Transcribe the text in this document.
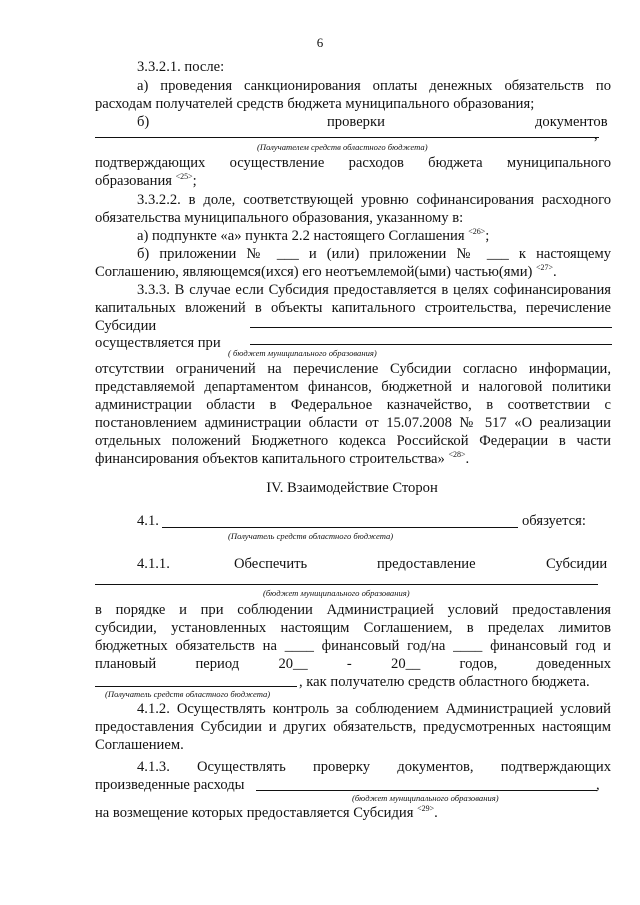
6
3.3.2.1. после:
а) проведения санкционирования оплаты денежных обязательств по
расходам получателей средств бюджета муниципального образования;
б)	проверки	документов
,
(Получателем средств областного бюджета)
подтверждающих осуществление расходов бюджета муниципального
образования $^{<25>}$;
3.3.2.2. в доле, соответствующей уровню софинансирования расходного
обязательства муниципального образования, указанному в:
а) подпункте «а» пункта 2.2 настоящего Соглашения $^{<26>}$;
б) приложении № ___ и (или) приложении № ___ к настоящему
Соглашению, являющемся(ихся) его неотъемлемой(ыми) частью(ями) $^{<27>}$.
3.3.3. В случае если Субсидия предоставляется в целях софинансирования
капитальных вложений в объекты капитального строительства, перечисление
Субсидии
осуществляется при
( бюджет муниципального образования)
отсутствии ограничений на перечисление Субсидии согласно информации,
представляемой департаментом финансов, бюджетной и налоговой политики
администрации области в Федеральное казначейство, в соответствии с
постановлением администрации области от 15.07.2008 № 517 «О реализации
отдельных положений Бюджетного кодекса Российской Федерации в части
финансирования объектов капитального строительства» $^{<28>}$.
IV. Взаимодействие Сторон
4.1.	обязуется:
(Получатель средств областного бюджета)
4.1.1.	Обеспечить	предоставление	Субсидии
(бюджет муниципального образования)
в порядке и при соблюдении Администрацией условий предоставления
субсидии, установленных настоящим Соглашением, в пределах лимитов
бюджетных обязательств на ____ финансовый год/на ____ финансовый год и
плановый период 20__ - 20__ годов, доведенных
, как получателю средств областного бюджета.
(Получатель средств областного бюджета)
4.1.2. Осуществлять контроль за соблюдением Администрацией условий
предоставления Субсидии и других обязательств, предусмотренных настоящим
Соглашением.
4.1.3. Осуществлять проверку документов, подтверждающих
произведенные расходы	,
(бюджет муниципального образования)
на возмещение которых предоставляется Субсидия $^{<29>}$.
